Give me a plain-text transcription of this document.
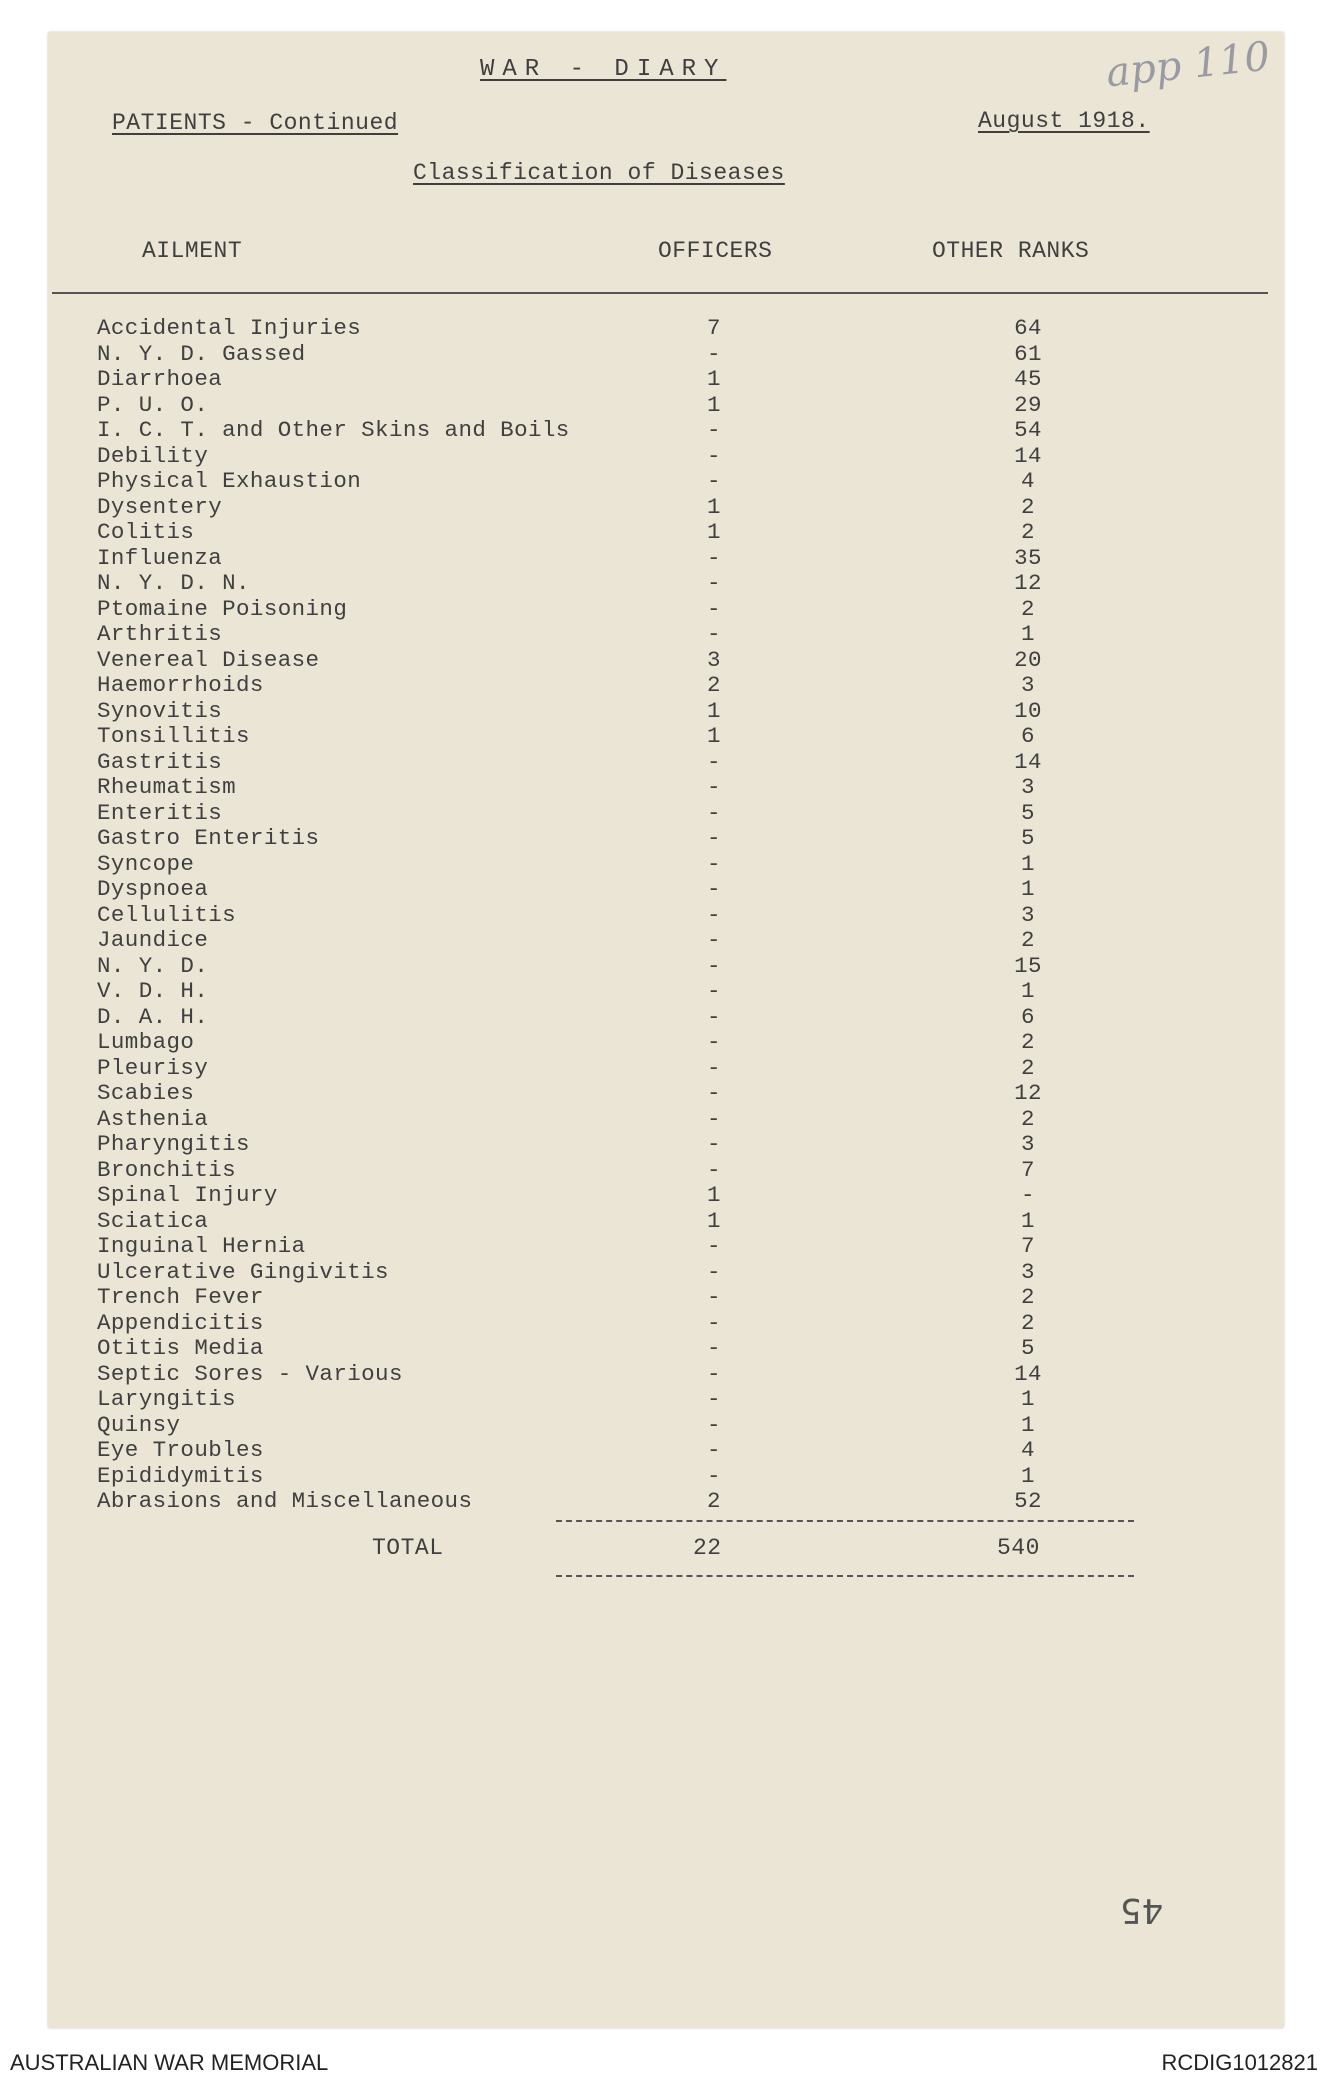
app 110
WAR - DIARY
PATIENTS - Continued	August 1918.
Classification of Diseases
AILMENT	OFFICERS	OTHER RANKS
Accidental Injuries	7	64
N. Y. D. Gassed	-	61
Diarrhoea	1	45
P. U. O.	1	29
I. C. T. and Other Skins and Boils	-	54
Debility	-	14
Physical Exhaustion	-	4
Dysentery	1	2
Colitis	1	2
Influenza	-	35
N. Y. D. N.	-	12
Ptomaine Poisoning	-	2
Arthritis	-	1
Venereal Disease	3	20
Haemorrhoids	2	3
Synovitis	1	10
Tonsillitis	1	6
Gastritis	-	14
Rheumatism	-	3
Enteritis	-	5
Gastro Enteritis	-	5
Syncope	-	1
Dyspnoea	-	1
Cellulitis	-	3
Jaundice	-	2
N. Y. D.	-	15
V. D. H.	-	1
D. A. H.	-	6
Lumbago	-	2
Pleurisy	-	2
Scabies	-	12
Asthenia	-	2
Pharyngitis	-	3
Bronchitis	-	7
Spinal Injury	1	-
Sciatica	1	1
Inguinal Hernia	-	7
Ulcerative Gingivitis	-	3
Trench Fever	-	2
Appendicitis	-	2
Otitis Media	-	5
Septic Sores - Various	-	14
Laryngitis	-	1
Quinsy	-	1
Eye Troubles	-	4
Epididymitis	-	1
Abrasions and Miscellaneous	2	52
TOTAL	22	540
45
AUSTRALIAN WAR MEMORIAL	RCDIG1012821
